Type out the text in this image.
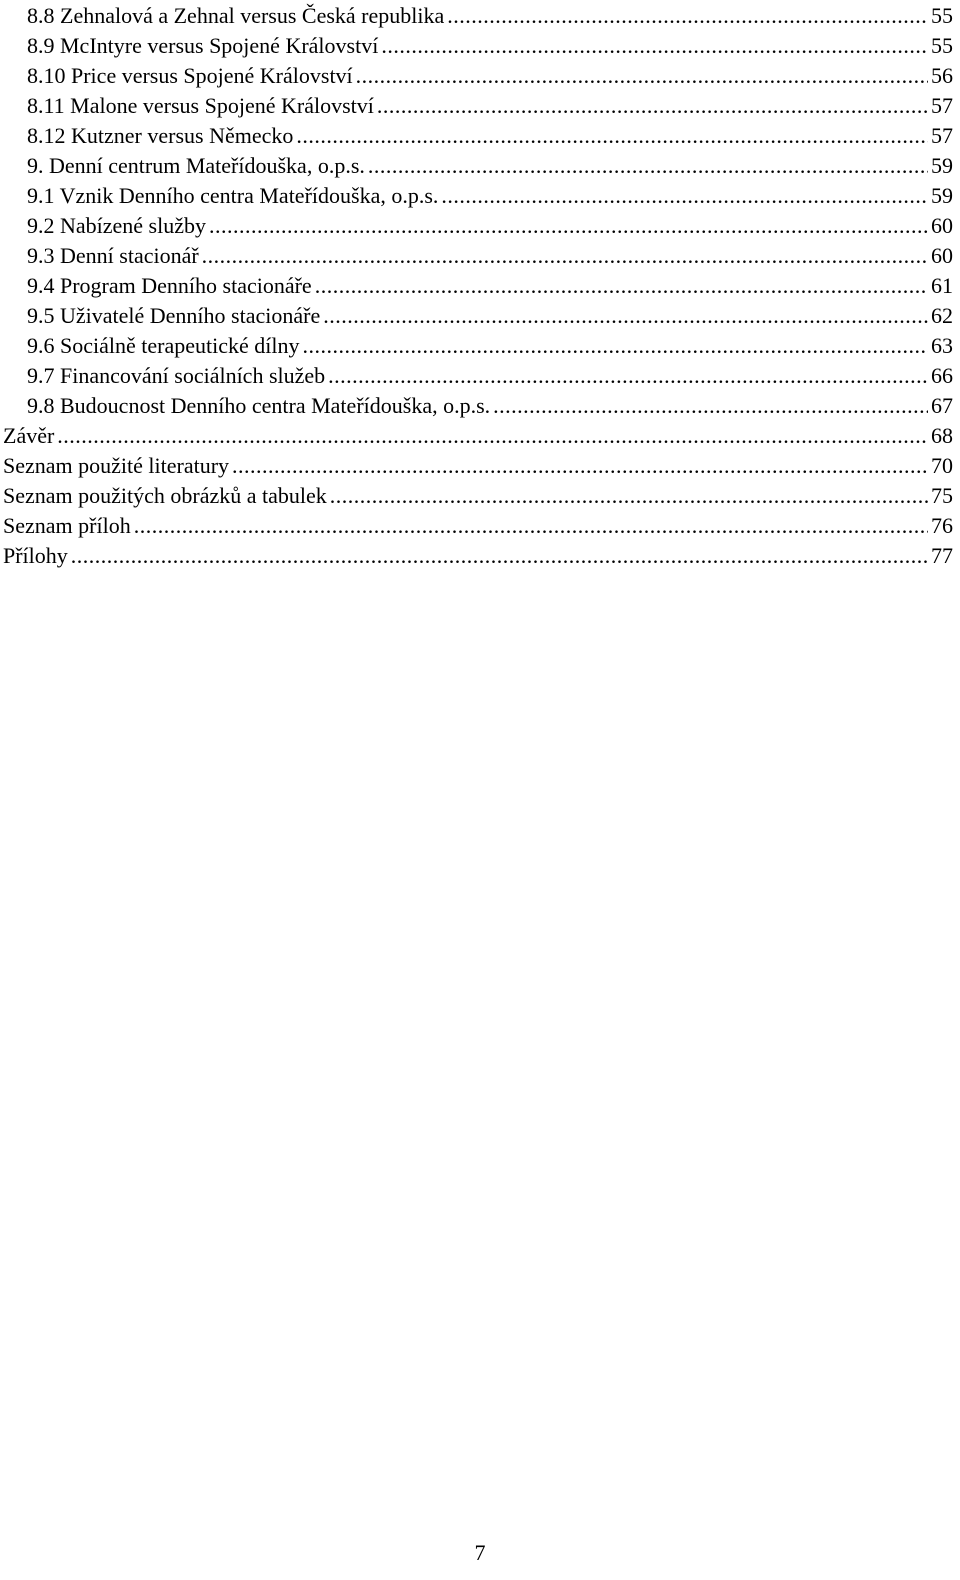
8.8 Zehnalová a Zehnal versus Česká republika .....	55
8.9 McIntyre versus Spojené Království .....	55
8.10 Price versus Spojené Království .....	56
8.11 Malone versus Spojené Království .....	57
8.12 Kutzner versus Německo .....	57
9. Denní centrum Mateřídouška, o.p.s. .....	59
9.1 Vznik Denního centra Mateřídouška, o.p.s. .....	59
9.2 Nabízené služby .....	60
9.3 Denní stacionář .....	60
9.4 Program Denního stacionáře .....	61
9.5 Uživatelé Denního stacionáře .....	62
9.6 Sociálně terapeutické dílny .....	63
9.7 Financování sociálních služeb .....	66
9.8 Budoucnost Denního centra Mateřídouška, o.p.s. .....	67
Závěr .....	68
Seznam použité literatury .....	70
Seznam použitých obrázků a tabulek .....	75
Seznam příloh .....	76
Přílohy .....	77
7
